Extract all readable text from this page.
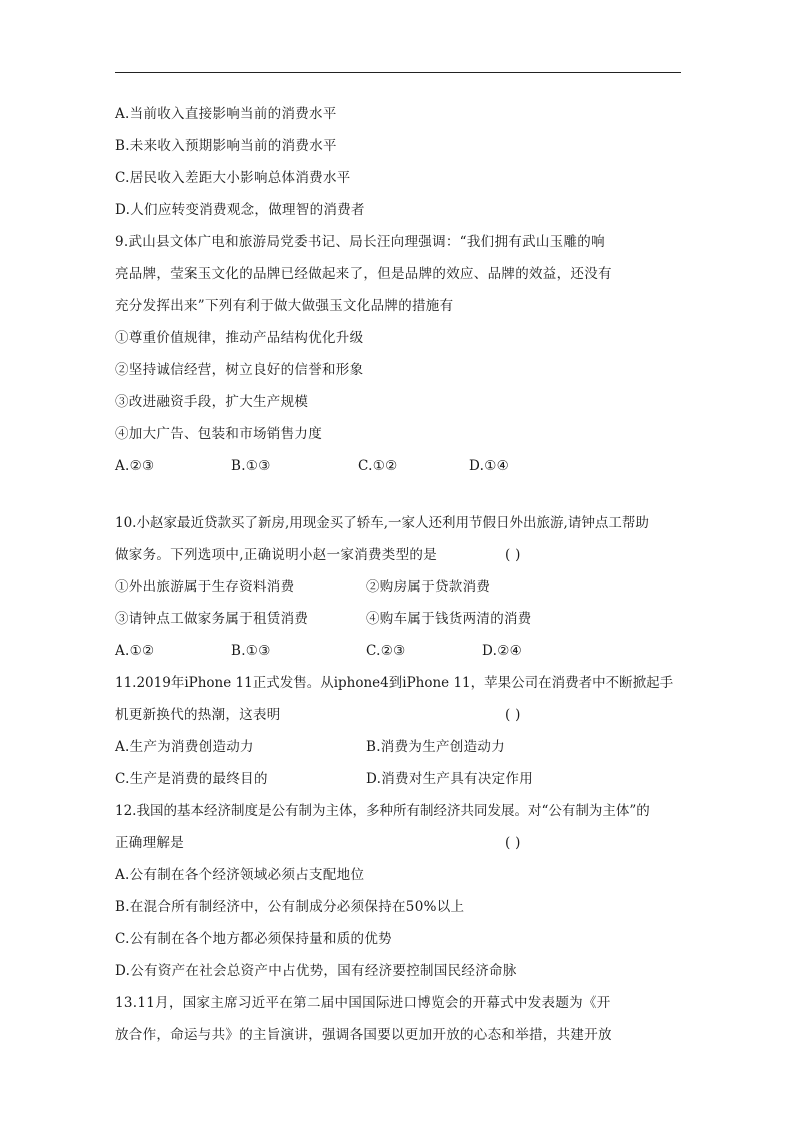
A.当前收入直接影响当前的消费水平
B.未来收入预期影响当前的消费水平
C.居民收入差距大小影响总体消费水平
D.人们应转变消费观念，做理智的消费者
9.武山县文体广电和旅游局党委书记、局长汪向理强调：“我们拥有武山玉雕的响
亮品牌，莹案玉文化的品牌已经做起来了，但是品牌的效应、品牌的效益，还没有
充分发挥出来”下列有利于做大做强玉文化品牌的措施有
①尊重价值规律，推动产品结构优化升级
②坚持诚信经营，树立良好的信誉和形象
③改进融资手段，扩大生产规模
④加大广告、包装和市场销售力度
A.②③	B.①③	C.①②	D.①④
10.小赵家最近贷款买了新房,用现金买了轿车,一家人还利用节假日外出旅游,请钟点工帮助
做家务。下列选项中,正确说明小赵一家消费类型的是	( )
①外出旅游属于生存资料消费	②购房属于贷款消费
③请钟点工做家务属于租赁消费	④购车属于钱货两清的消费
A.①②	B.①③	C.②③	D.②④
11.2019年iPhone 11正式发售。从iphone4到iPhone 11，苹果公司在消费者中不断掀起手
机更新换代的热潮，这表明	( )
A.生产为消费创造动力	B.消费为生产创造动力
C.生产是消费的最终目的	D.消费对生产具有决定作用
12.我国的基本经济制度是公有制为主体，多种所有制经济共同发展。对“公有制为主体”的
正确理解是	( )
A.公有制在各个经济领域必须占支配地位
B.在混合所有制经济中，公有制成分必须保持在50%以上
C.公有制在各个地方都必须保持量和质的优势
D.公有资产在社会总资产中占优势，国有经济要控制国民经济命脉
13.11月，国家主席习近平在第二届中国国际进口博览会的开幕式中发表题为《开
放合作，命运与共》的主旨演讲，强调各国要以更加开放的心态和举措，共建开放
